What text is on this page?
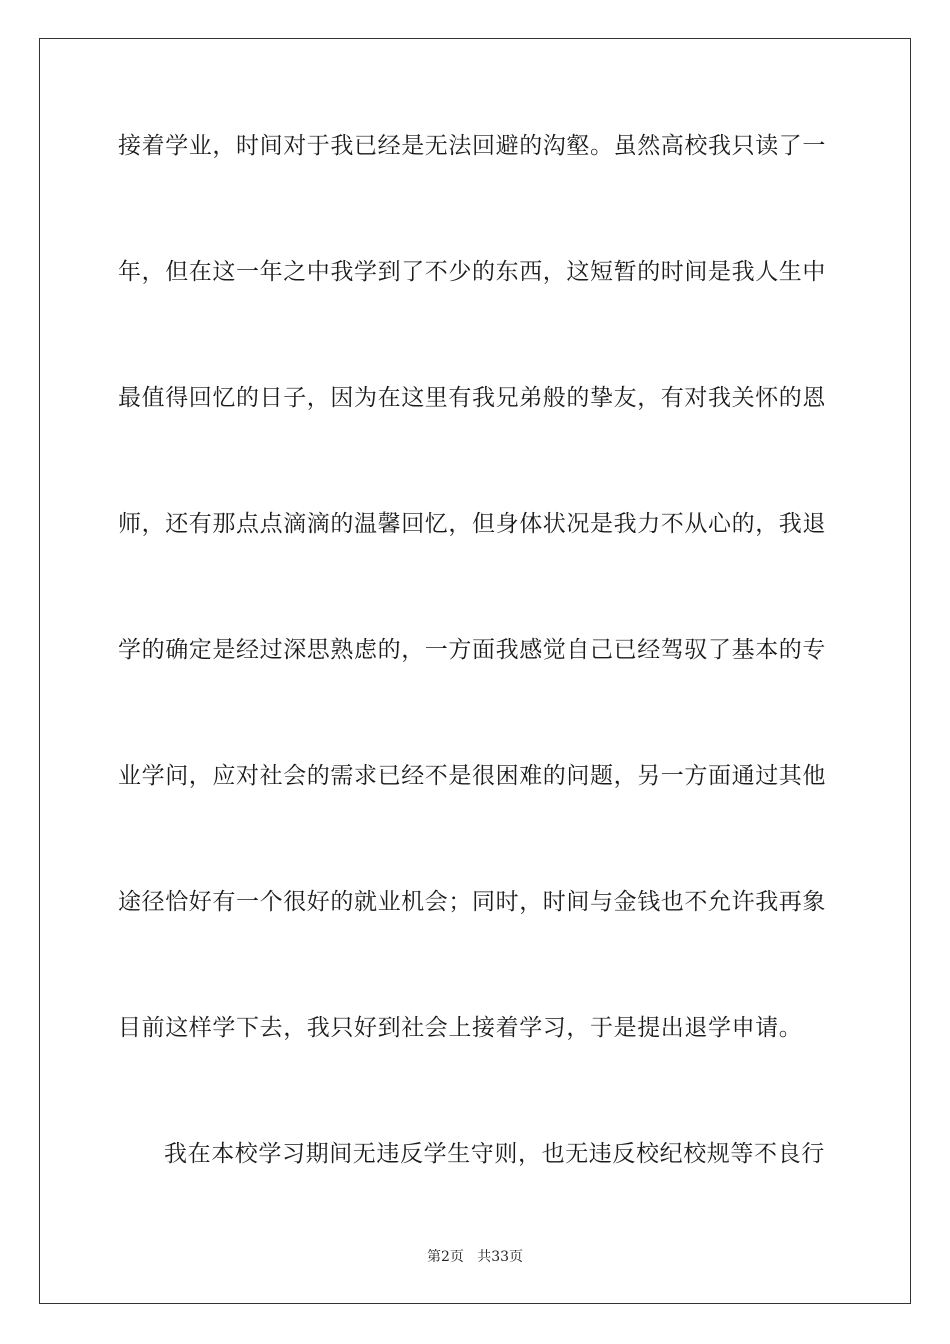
接着学业，时间对于我已经是无法回避的沟壑。虽然高校我只读了一
年，但在这一年之中我学到了不少的东西，这短暂的时间是我人生中
最值得回忆的日子，因为在这里有我兄弟般的挚友，有对我关怀的恩
师，还有那点点滴滴的温馨回忆，但身体状况是我力不从心的，我退
学的确定是经过深思熟虑的，一方面我感觉自己已经驾驭了基本的专
业学问，应对社会的需求已经不是很困难的问题，另一方面通过其他
途径恰好有一个很好的就业机会；同时，时间与金钱也不允许我再象
目前这样学下去，我只好到社会上接着学习，于是提出退学申请。
我在本校学习期间无违反学生守则，也无违反校纪校规等不良行
第2页   共33页
